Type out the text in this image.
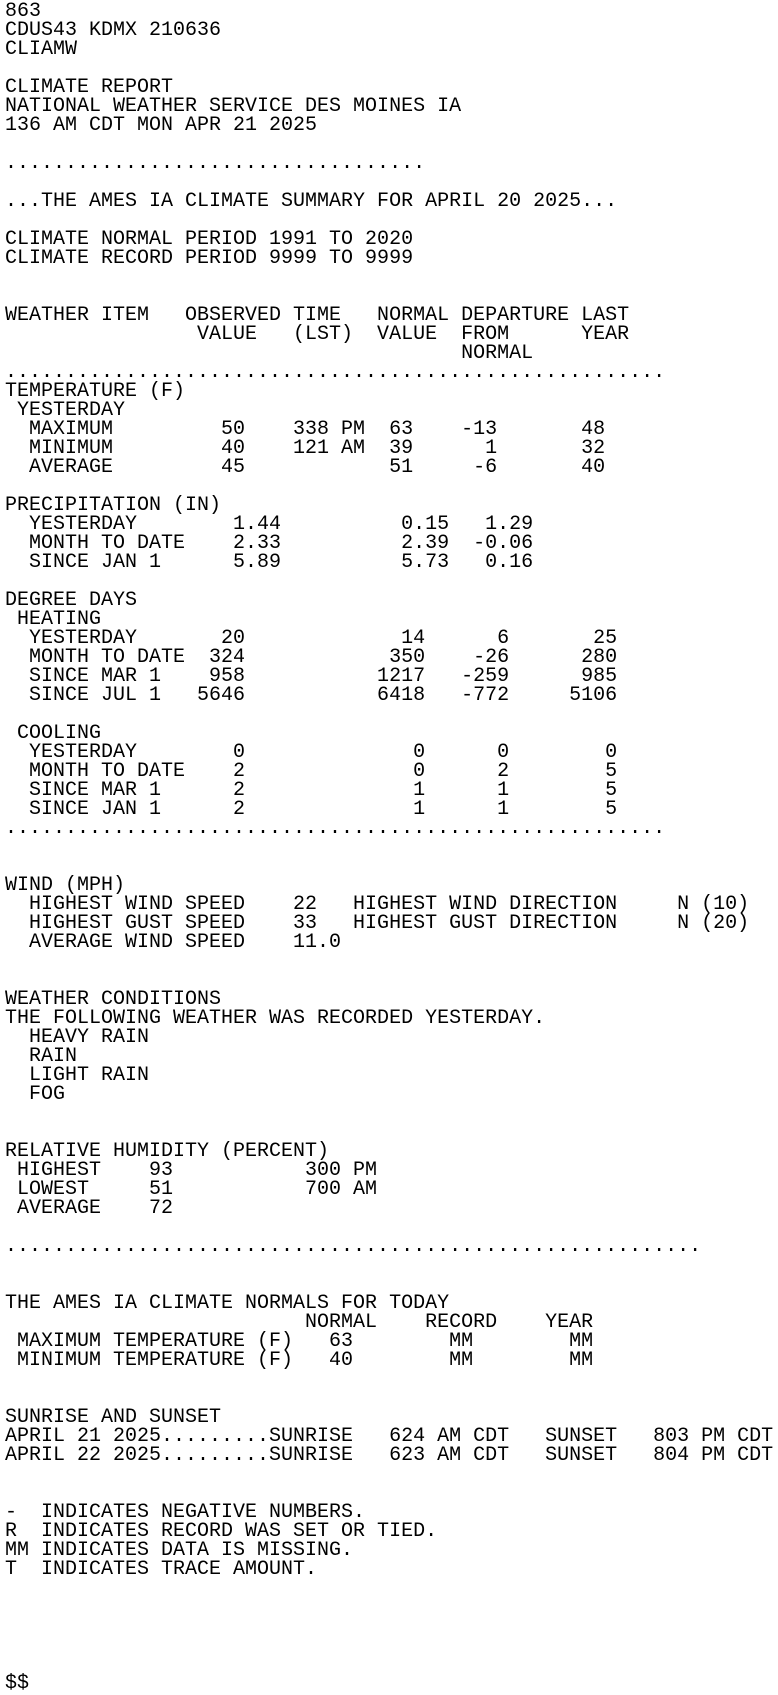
863
CDUS43 KDMX 210636
CLIAMW
CLIMATE REPORT
NATIONAL WEATHER SERVICE DES MOINES IA
136 AM CDT MON APR 21 2025
...................................
...THE AMES IA CLIMATE SUMMARY FOR APRIL 20 2025...
CLIMATE NORMAL PERIOD 1991 TO 2020
CLIMATE RECORD PERIOD 9999 TO 9999
WEATHER ITEM   OBSERVED TIME   NORMAL DEPARTURE LAST
VALUE   (LST)  VALUE  FROM      YEAR
NORMAL
.......................................................
TEMPERATURE (F)
YESTERDAY
MAXIMUM         50    338 PM  63    -13       48
MINIMUM         40    121 AM  39      1       32
AVERAGE         45            51     -6       40
PRECIPITATION (IN)
YESTERDAY        1.44          0.15   1.29
MONTH TO DATE    2.33          2.39  -0.06
SINCE JAN 1      5.89          5.73   0.16
DEGREE DAYS
HEATING
YESTERDAY       20             14      6       25
MONTH TO DATE  324            350    -26      280
SINCE MAR 1    958           1217   -259      985
SINCE JUL 1   5646           6418   -772     5106
COOLING
YESTERDAY        0              0      0        0
MONTH TO DATE    2              0      2        5
SINCE MAR 1      2              1      1        5
SINCE JAN 1      2              1      1        5
.......................................................
WIND (MPH)
HIGHEST WIND SPEED    22   HIGHEST WIND DIRECTION     N (10)
HIGHEST GUST SPEED    33   HIGHEST GUST DIRECTION     N (20)
AVERAGE WIND SPEED    11.0
WEATHER CONDITIONS
THE FOLLOWING WEATHER WAS RECORDED YESTERDAY.
HEAVY RAIN
RAIN
LIGHT RAIN
FOG
RELATIVE HUMIDITY (PERCENT)
HIGHEST    93           300 PM
LOWEST     51           700 AM
AVERAGE    72
..........................................................
THE AMES IA CLIMATE NORMALS FOR TODAY
NORMAL    RECORD    YEAR
MAXIMUM TEMPERATURE (F)   63        MM        MM
MINIMUM TEMPERATURE (F)   40        MM        MM
SUNRISE AND SUNSET
APRIL 21 2025.........SUNRISE   624 AM CDT   SUNSET   803 PM CDT
APRIL 22 2025.........SUNRISE   623 AM CDT   SUNSET   804 PM CDT
-  INDICATES NEGATIVE NUMBERS.
R  INDICATES RECORD WAS SET OR TIED.
MM INDICATES DATA IS MISSING.
T  INDICATES TRACE AMOUNT.
$$
